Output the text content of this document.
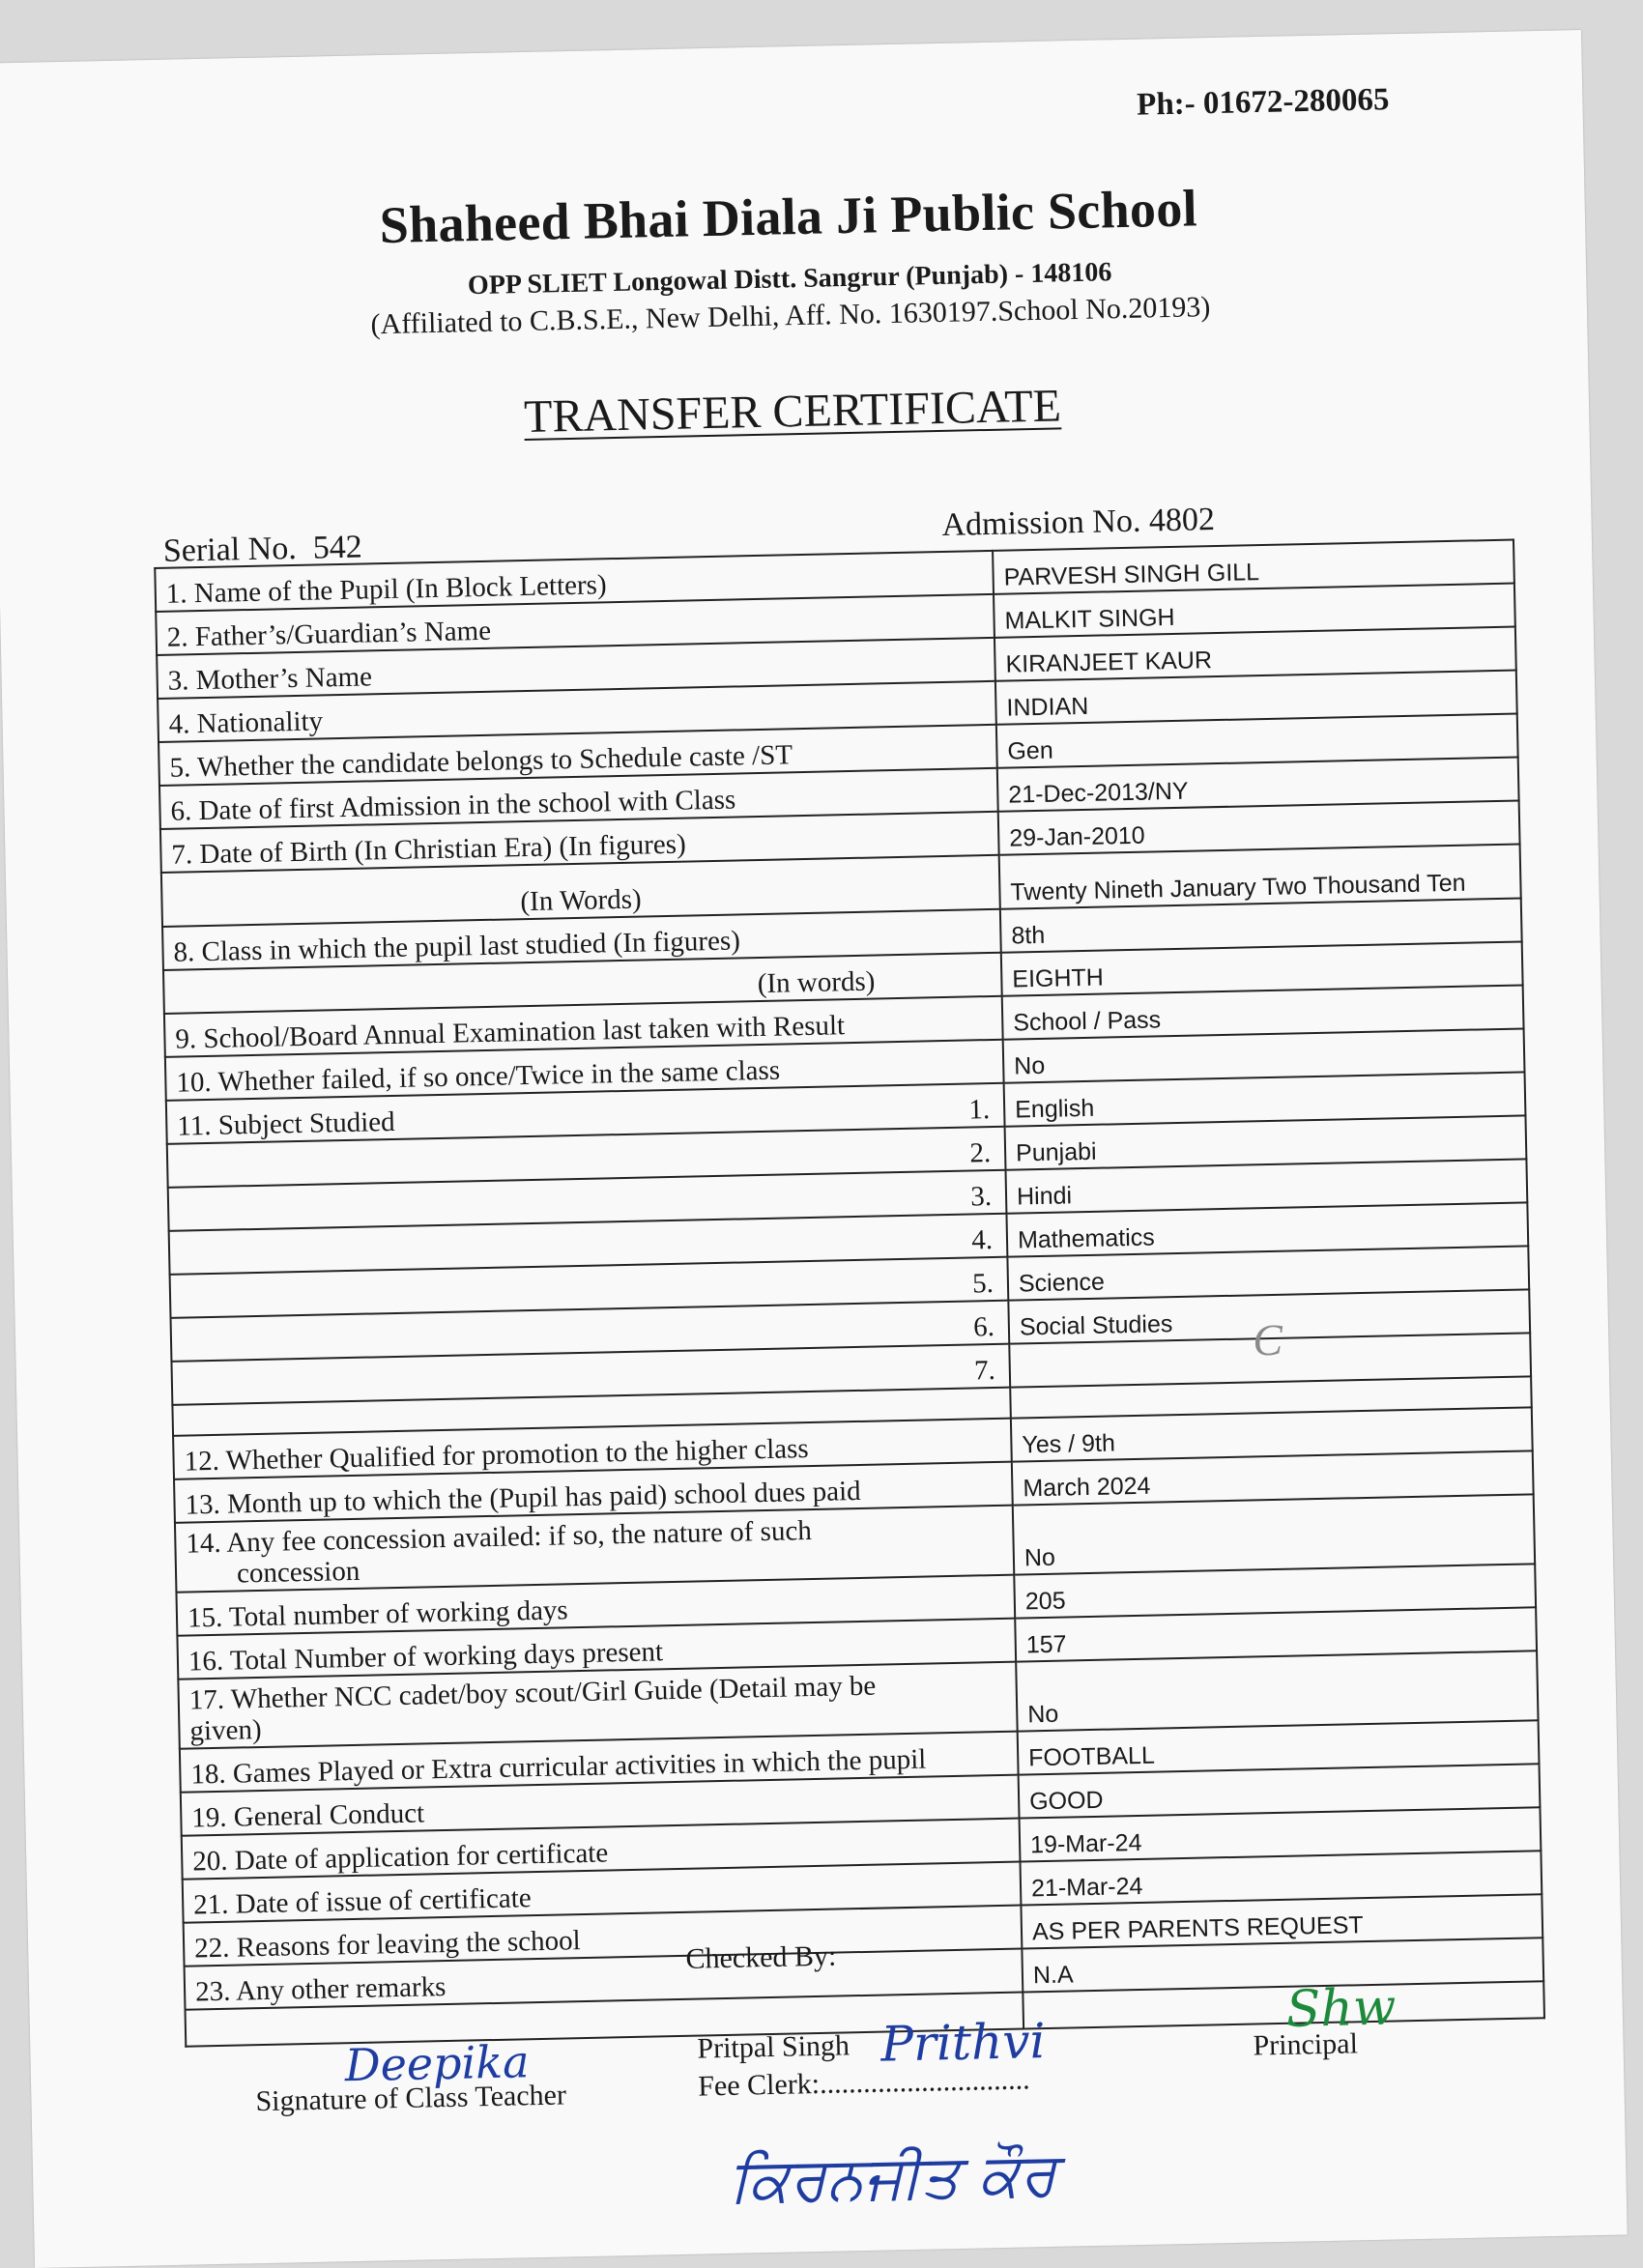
Ph:- 01672-280065
Shaheed Bhai Diala Ji Public School
OPP SLIET Longowal Distt. Sangrur (Punjab) - 148106
(Affiliated to C.B.S.E., New Delhi, Aff. No. 1630197.School No.20193)
TRANSFER CERTIFICATE
Serial No. 542
Admission No. 4802
1. Name of the Pupil (In Block Letters)	PARVESH SINGH GILL
2. Father’s/Guardian’s Name	MALKIT SINGH
3. Mother’s Name	KIRANJEET KAUR
4. Nationality	INDIAN
5. Whether the candidate belongs to Schedule caste /ST	Gen
6. Date of first Admission in the school with Class	21-Dec-2013/NY
7. Date of Birth (In Christian Era) (In figures)	29-Jan-2010
(In Words)	Twenty Nineth January Two Thousand Ten
8. Class in which the pupil last studied (In figures)	8th
(In words)	EIGHTH
9. School/Board Annual Examination last taken with Result	School / Pass
10. Whether failed, if so once/Twice in the same class	No
11. Subject Studied 1.	English

2.	Punjabi

3.	Hindi

4.	Mathematics

5.	Science

6.	Social Studies

7.	

12. Whether Qualified for promotion to the higher class	Yes / 9th
13. Month up to which the (Pupil has paid) school dues paid	March 2024
14. Any fee concession availed: if so, the nature of such
concession	No
15. Total number of working days	205
16. Total Number of working days present	157
17. Whether NCC cadet/boy scout/Girl Guide (Detail may be
given)	No
18. Games Played or Extra curricular activities in which the pupil	FOOTBALL
19. General Conduct	GOOD
20. Date of application for certificate	19-Mar-24
21. Date of issue of certificate	21-Mar-24
22. Reasons for leaving the school	AS PER PARENTS REQUEST
23. Any other remarks	N.A

C
Checked By:
Deepika
Signature of Class Teacher
Pritpal Singh
Fee Clerk:.............................
Prithvi	Principal
Shw
ਕਿਰਨਜੀਤ ਕੌਰ
